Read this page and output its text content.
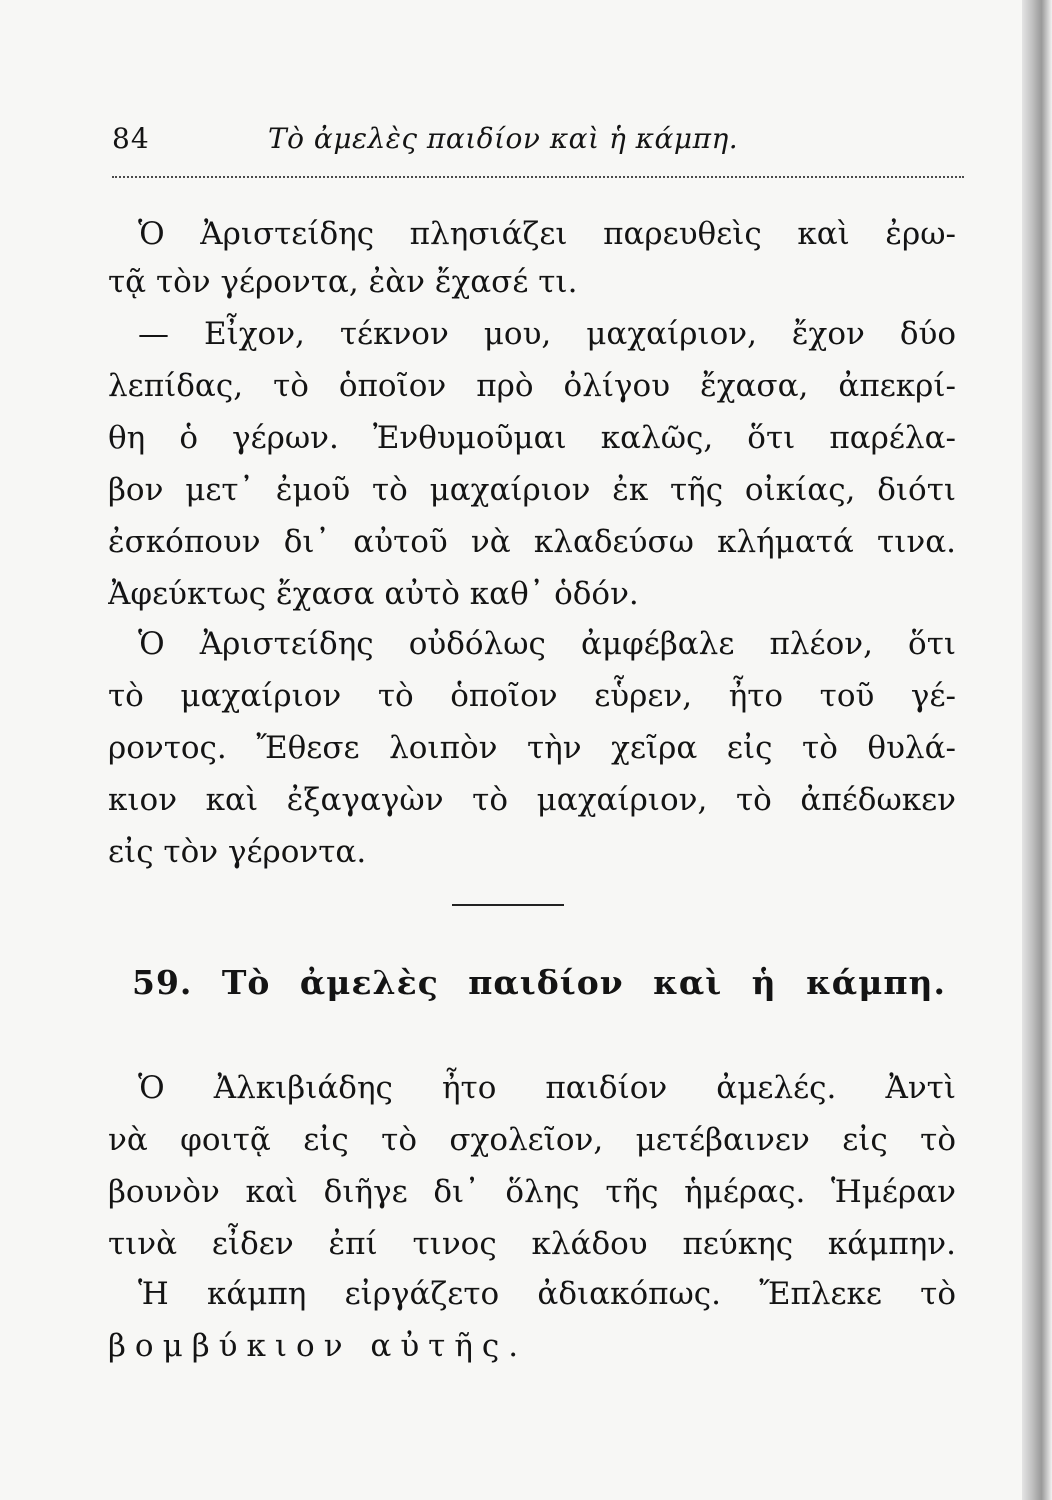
84	Τὸ ἀμελὲς παιδίον καὶ ἡ κάμπη.
Ὁ Ἀριστείδης πλησιάζει παρευθεὶς καὶ ἐρω-
τᾷ τὸν γέροντα, ἐὰν ἔχασέ τι.
— Εἶχον, τέκνον μου, μαχαίριον, ἔχον δύο
λεπίδας, τὸ ὁποῖον πρὸ ὀλίγου ἔχασα, ἀπεκρί-
θη ὁ γέρων. Ἐνθυμοῦμαι καλῶς, ὅτι παρέλα-
βον μετ᾽ ἐμοῦ τὸ μαχαίριον ἐκ τῆς οἰκίας, διότι
ἐσκόπουν δι᾽ αὐτοῦ νὰ κλαδεύσω κλήματά τινα.
Ἀφεύκτως ἔχασα αὐτὸ καθ᾽ ὁδόν.
Ὁ Ἀριστείδης οὐδόλως ἀμφέβαλε πλέον, ὅτι
τὸ μαχαίριον τὸ ὁποῖον εὗρεν, ἦτο τοῦ γέ-
ροντος. Ἔθεσε λοιπὸν τὴν χεῖρα εἰς τὸ θυλά-
κιον καὶ ἐξαγαγὼν τὸ μαχαίριον, τὸ ἀπέδωκεν
εἰς τὸν γέροντα.
59. Τὸ ἀμελὲς παιδίον καὶ ἡ κάμπη.
Ὁ Ἀλκιβιάδης ἦτο παιδίον ἀμελές. Ἀντὶ
νὰ φοιτᾷ εἰς τὸ σχολεῖον, μετέβαινεν εἰς τὸ
βουνὸν καὶ διῆγε δι᾽ ὅλης τῆς ἡμέρας. Ἡμέραν
τινὰ εἶδεν ἐπί τινος κλάδου πεύκης κάμπην.
Ἡ κάμπη εἰργάζετο ἀδιακόπως. Ἔπλεκε τὸ
βομβύκιον αὐτῆς.
